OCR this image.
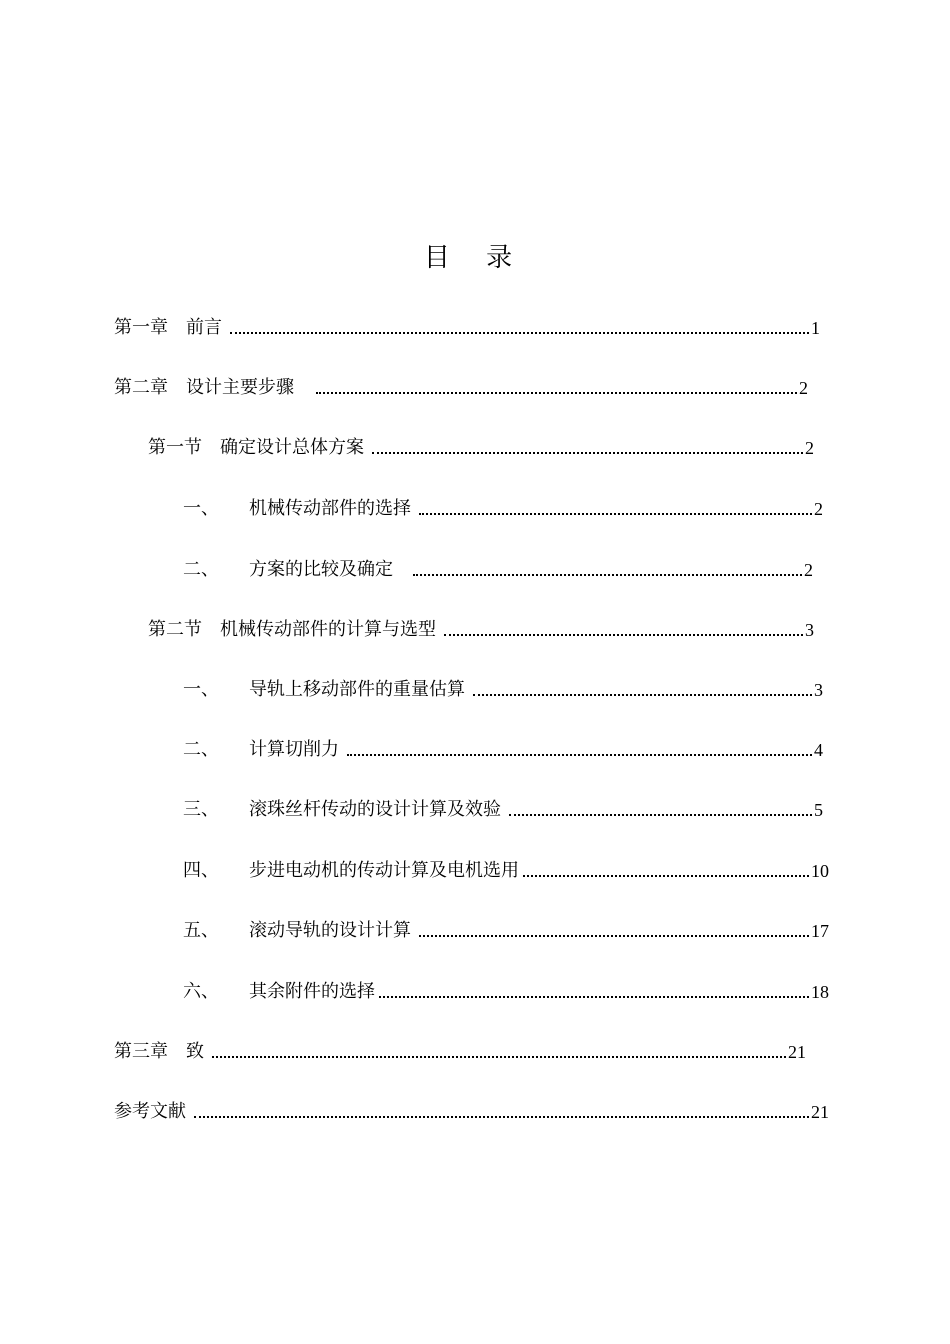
目 录
第一章	前言	1
第二章	设计主要步骤	2
第一节	确定设计总体方案	2
一、	机械传动部件的选择	2
二、	方案的比较及确定	2
第二节	机械传动部件的计算与选型	3
一、	导轨上移动部件的重量估算	3
二、	计算切削力	4
三、	滚珠丝杆传动的设计计算及效验	5
四、	步进电动机的传动计算及电机选用	10
五、	滚动导轨的设计计算	17
六、	其余附件的选择	18
第三章	致	21
参考文献	21
